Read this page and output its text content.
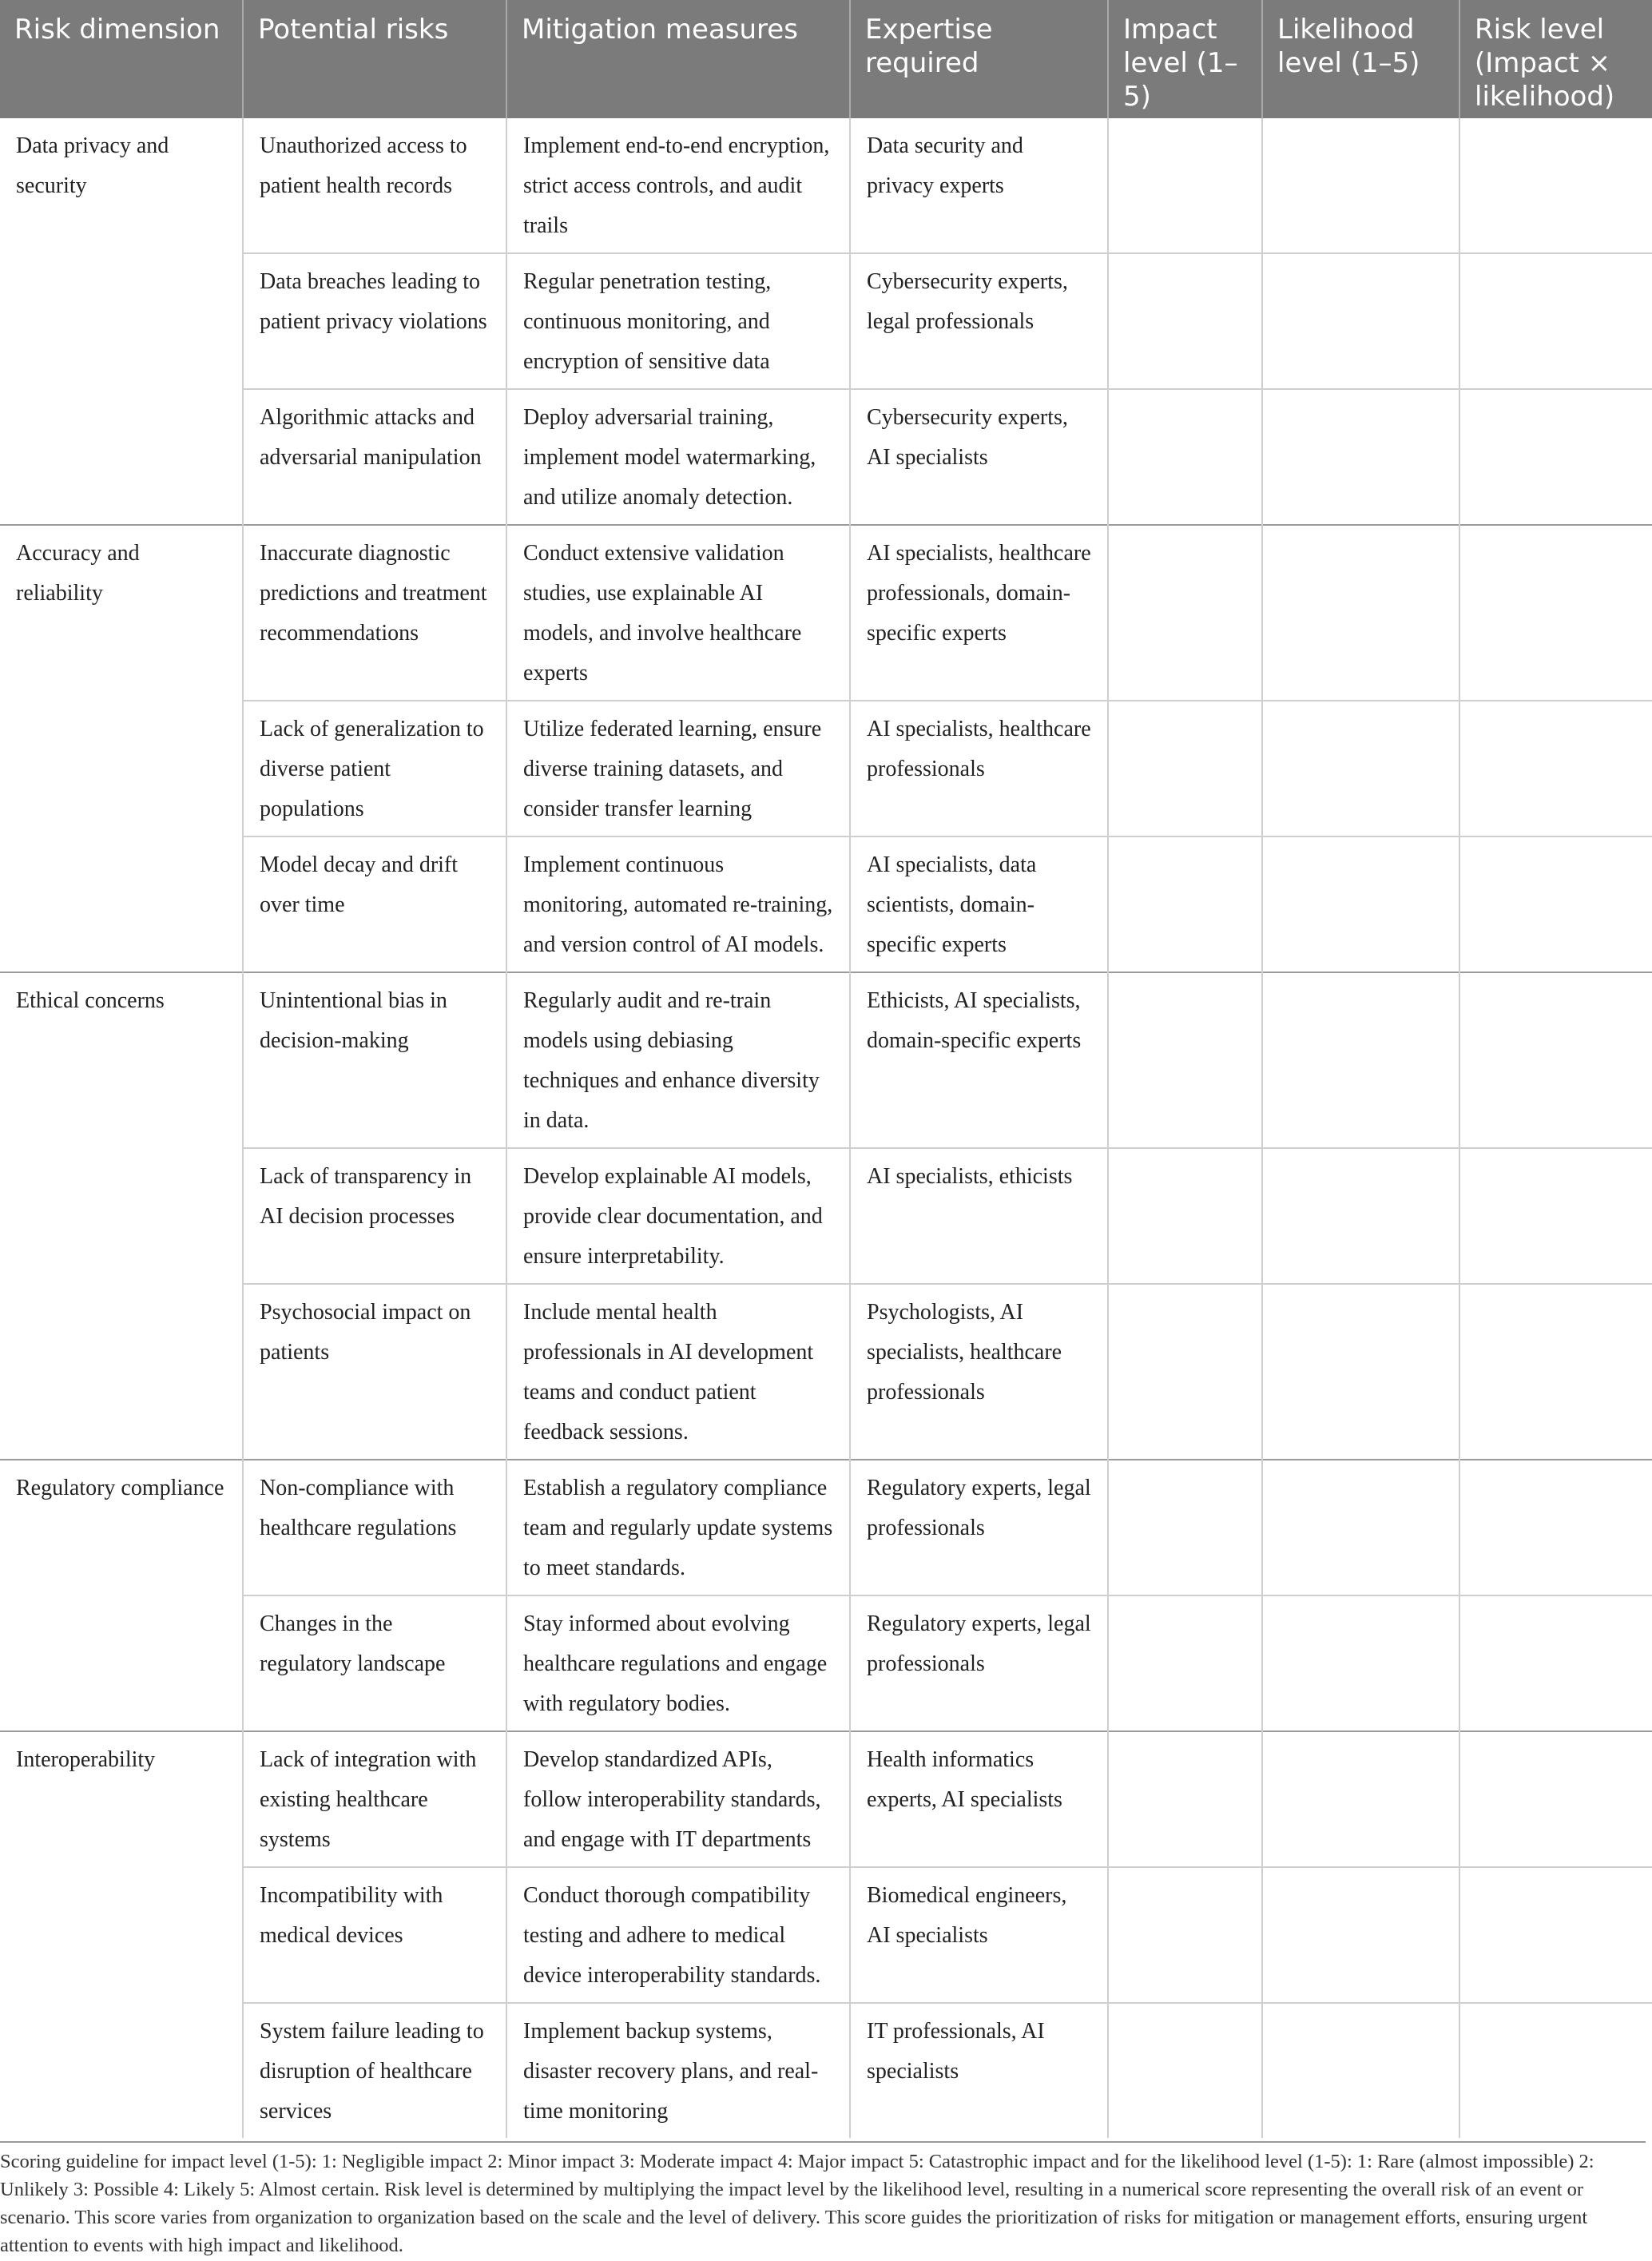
Risk dimension	Potential risks	Mitigation measures	Expertise required	Impact level (1–5)	Likelihood level (1–5)	Risk level (Impact × likelihood)
Data privacy and security	Unauthorized access to patient health records	Implement end-to-end encryption, strict access controls, and audit trails	Data security and privacy experts			
	Data breaches leading to patient privacy violations	Regular penetration testing, continuous monitoring, and encryption of sensitive data	Cybersecurity experts, legal professionals			
	Algorithmic attacks and adversarial manipulation	Deploy adversarial training, implement model watermarking, and utilize anomaly detection.	Cybersecurity experts, AI specialists			
Accuracy and reliability	Inaccurate diagnostic predictions and treatment recommendations	Conduct extensive validation studies, use explainable AI models, and involve healthcare experts	AI specialists, healthcare professionals, domain-specific experts			
	Lack of generalization to diverse patient populations	Utilize federated learning, ensure diverse training datasets, and consider transfer learning	AI specialists, healthcare professionals			
	Model decay and drift over time	Implement continuous monitoring, automated re-training, and version control of AI models.	AI specialists, data scientists, domain-specific experts			
Ethical concerns	Unintentional bias in decision-making	Regularly audit and re-train models using debiasing techniques and enhance diversity in data.	Ethicists, AI specialists, domain-specific experts			
	Lack of transparency in AI decision processes	Develop explainable AI models, provide clear documentation, and ensure interpretability.	AI specialists, ethicists			
	Psychosocial impact on patients	Include mental health professionals in AI development teams and conduct patient feedback sessions.	Psychologists, AI specialists, healthcare professionals			
Regulatory compliance	Non-compliance with healthcare regulations	Establish a regulatory compliance team and regularly update systems to meet standards.	Regulatory experts, legal professionals			
	Changes in the regulatory landscape	Stay informed about evolving healthcare regulations and engage with regulatory bodies.	Regulatory experts, legal professionals			
Interoperability	Lack of integration with existing healthcare systems	Develop standardized APIs, follow interoperability standards, and engage with IT departments	Health informatics experts, AI specialists			
	Incompatibility with medical devices	Conduct thorough compatibility testing and adhere to medical device interoperability standards.	Biomedical engineers, AI specialists			
	System failure leading to disruption of healthcare services	Implement backup systems, disaster recovery plans, and real-time monitoring	IT professionals, AI specialists			
Scoring guideline for impact level (1-5): 1: Negligible impact 2: Minor impact 3: Moderate impact 4: Major impact 5: Catastrophic impact and for the likelihood level (1-5): 1: Rare (almost impossible) 2: Unlikely 3: Possible 4: Likely 5: Almost certain. Risk level is determined by multiplying the impact level by the likelihood level, resulting in a numerical score representing the overall risk of an event or scenario. This score varies from organization to organization based on the scale and the level of delivery. This score guides the prioritization of risks for mitigation or management efforts, ensuring urgent attention to events with high impact and likelihood.
